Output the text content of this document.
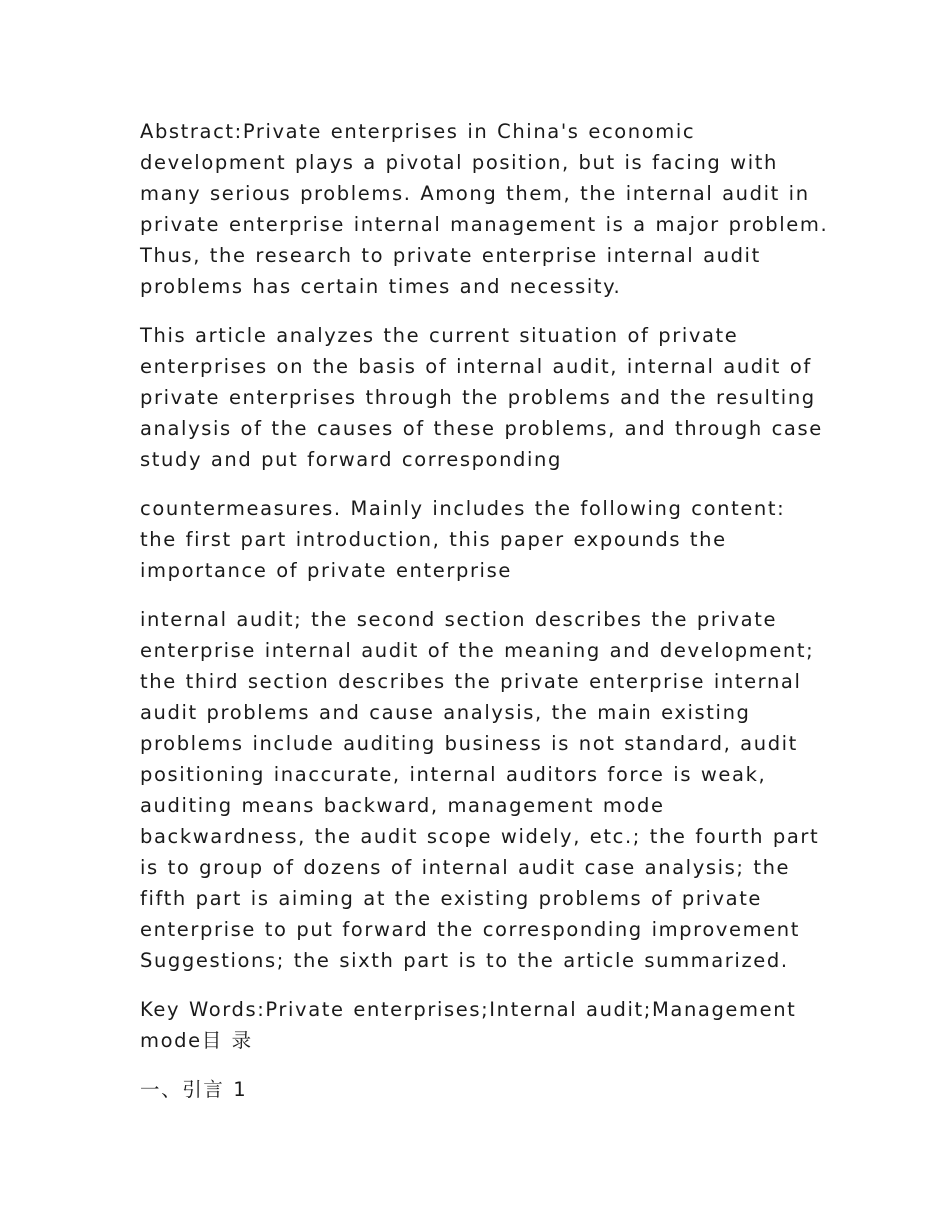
Abstract:Private enterprises in China's economic
development plays a pivotal position, but is facing with
many serious problems. Among them, the internal audit in
private enterprise internal management is a major problem.
Thus, the research to private enterprise internal audit
problems has certain times and necessity.

This article analyzes the current situation of private
enterprises on the basis of internal audit, internal audit of
private enterprises through the problems and the resulting
analysis of the causes of these problems, and through case
study and put forward corresponding

countermeasures. Mainly includes the following content:
the first part introduction, this paper expounds the
importance of private enterprise

internal audit; the second section describes the private
enterprise internal audit of the meaning and development;
the third section describes the private enterprise internal
audit problems and cause analysis, the main existing
problems include auditing business is not standard, audit
positioning inaccurate, internal auditors force is weak,
auditing means backward, management mode
backwardness, the audit scope widely, etc.; the fourth part
is to group of dozens of internal audit case analysis; the
fifth part is aiming at the existing problems of private
enterprise to put forward the corresponding improvement
Suggestions; the sixth part is to the article summarized.

Key Words:Private enterprises;Internal audit;Management
mode目 录

一、引言 1
